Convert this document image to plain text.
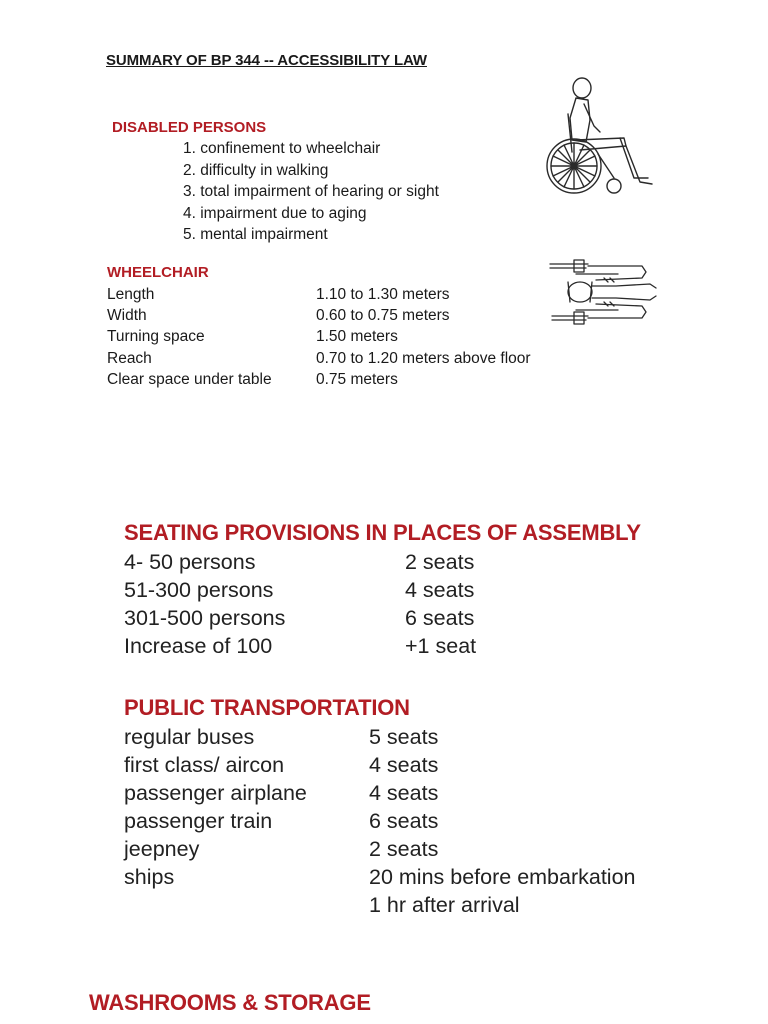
SUMMARY OF BP 344 -- ACCESSIBILITY LAW
DISABLED PERSONS
1. confinement to wheelchair
2. difficulty in walking
3. total impairment of hearing or sight
4. impairment due to aging
5. mental impairment
WHEELCHAIR
Length	1.10 to 1.30 meters
Width	0.60 to 0.75 meters
Turning space	1.50 meters
Reach	0.70 to 1.20 meters above floor
Clear space under table	0.75 meters
SEATING PROVISIONS IN PLACES OF ASSEMBLY
4- 50 persons	2 seats
51-300 persons	4 seats
301-500 persons	6 seats
Increase of 100	+1 seat
PUBLIC TRANSPORTATION
regular buses	5 seats
first class/ aircon	4 seats
passenger airplane	4 seats
passenger train	6 seats
jeepney	2 seats
ships	20 mins before embarkation
1 hr after arrival
WASHROOMS & STORAGE
